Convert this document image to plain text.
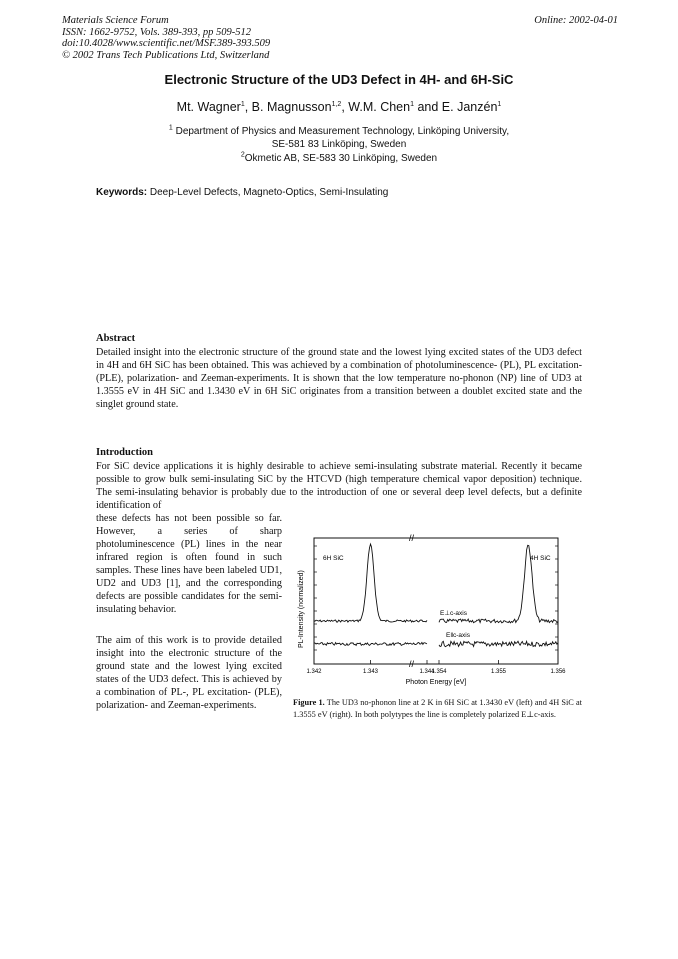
Materials Science Forum
ISSN: 1662-9752, Vols. 389-393, pp 509-512
doi:10.4028/www.scientific.net/MSF.389-393.509
© 2002 Trans Tech Publications Ltd, Switzerland
Online: 2002-04-01
Electronic Structure of the UD3 Defect in 4H- and 6H-SiC
Mt. Wagner$^1$, B. Magnusson$^{1,2}$, W.M. Chen$^1$ and E. Janzén$^1$
$^1$ Department of Physics and Measurement Technology, Linköping University,
SE-581 83 Linköping, Sweden
$^2$Okmetic AB, SE-583 30 Linköping, Sweden
Keywords: Deep-Level Defects, Magneto-Optics, Semi-Insulating
Abstract
Detailed insight into the electronic structure of the ground state and the lowest lying excited states of the UD3 defect in 4H and 6H SiC has been obtained. This was achieved by a combination of photoluminescence- (PL), PL excitation- (PLE), polarization- and Zeeman-experiments. It is shown that the low temperature no-phonon (NP) line of UD3 at 1.3555 eV in 4H SiC and 1.3430 eV in 6H SiC originates from a transition between a doublet excited state and the singlet ground state.
Introduction
For SiC device applications it is highly desirable to achieve semi-insulating substrate material. Recently it became possible to grow bulk semi-insulating SiC by the HTCVD (high temperature chemical vapor deposition) technique. The semi-insulating behavior is probably due to the introduction of one or several deep level defects, but a definite identification of
these defects has not been possible so far. However, a series of sharp photoluminescence (PL) lines in the near infrared region is often found in such samples. These lines have been labeled UD1, UD2 and UD3 [1], and the corresponding defects are possible candidates for the semi-insulating behavior.
The aim of this work is to provide detailed insight into the electronic structure of the ground state and the lowest lying excited states of the UD3 defect. This is achieved by a combination of PL-, PL excitation- (PLE), polarization- and Zeeman-experiments.
1.342	1.343	1.344
1.354	1.355	1.356
PL-Intensity (normalized)
Photon Energy [eV]
6H SiC	4H SiC
E⊥c-axis
E‖c-axis
//
//
Figure 1. The UD3 no-phonon line at 2 K in 6H SiC at 1.3430 eV (left) and 4H SiC at 1.3555 eV (right). In both polytypes the line is completely polarized E⊥c-axis.
